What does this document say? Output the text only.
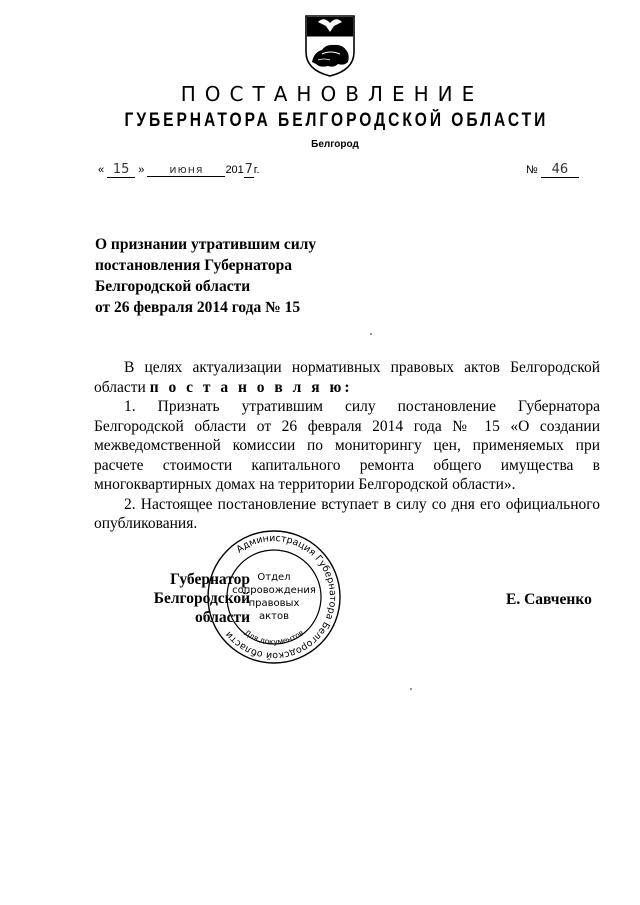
ПОСТАНОВЛЕНИЕ
ГУБЕРНАТОРА БЕЛГОРОДСКОЙ ОБЛАСТИ
Белгород
« 15 » июня 2017г.	№ 46
О признании утратившим силу
постановления Губернатора
Белгородской области
от 26 февраля 2014 года № 15

В целях актуализации нормативных правовых актов Белгородской области п о с т а н о в л я ю:

1. Признать утратившим силу постановление Губернатора Белгородской области от 26 февраля 2014 года № 15 «О создании межведомственной комиссии по мониторингу цен, применяемых при расчете стоимости капитального ремонта общего имущества в многоквартирных домах на территории Белгородской области».

2. Настоящее постановление вступает в силу со дня его официального опубликования.

Администрация Губернатора Белгородской области Для документов
Отдел
сопровождения
правовых
актов
Губернатор
Белгородской области
Е. Савченко
